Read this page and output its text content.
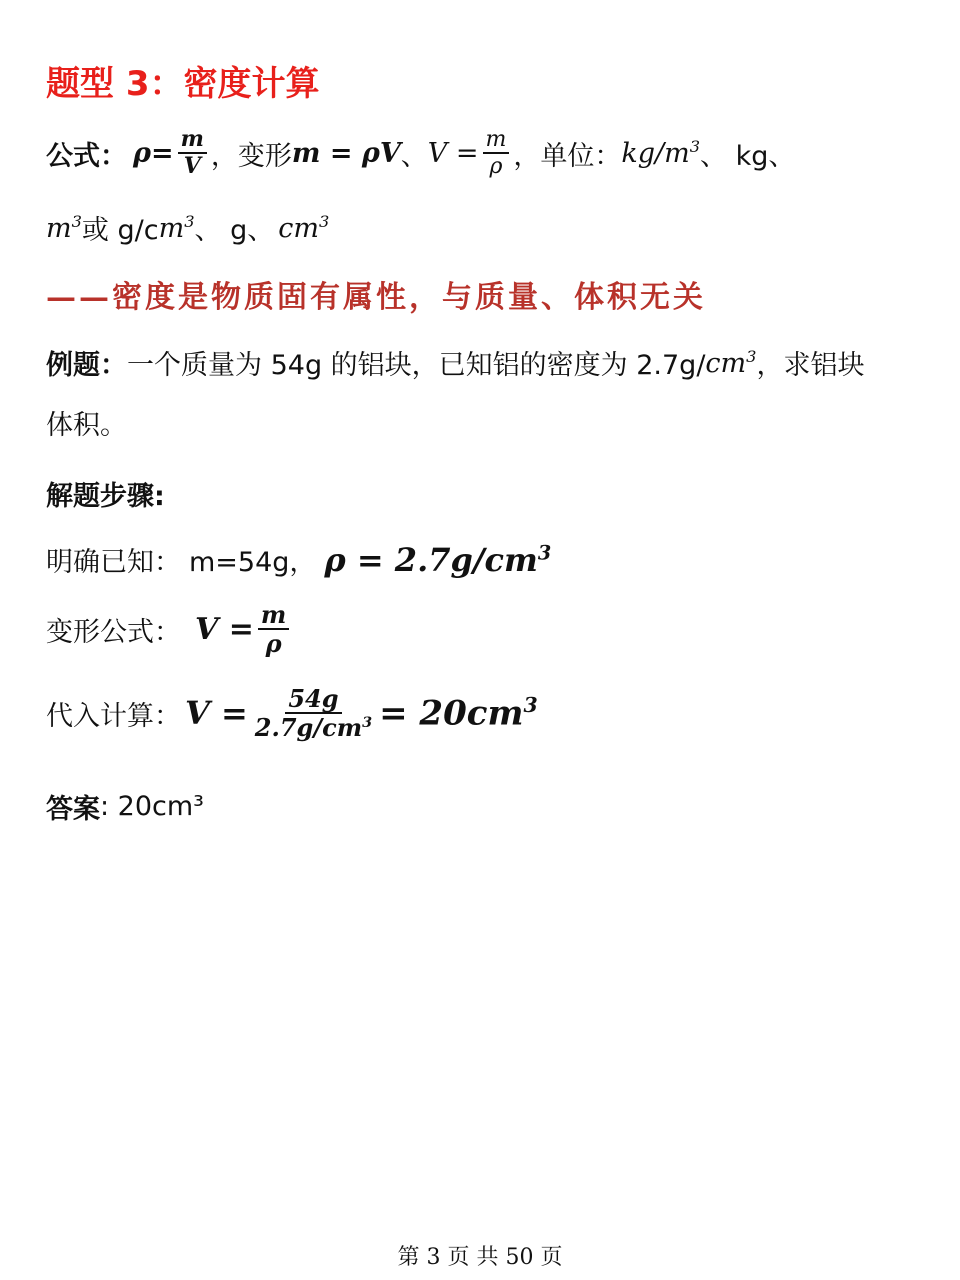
题型 3：密度计算
公式： $\rho = \frac{m}{V}$ ，变形 m = ρV 、 $V = \frac{m}{\rho}$ ，单位： $kg/m^3$ 、 kg、
$m^3$ 或 g/c $m^3$ 、 g、 $cm^3$
——密度是物质固有属性，与质量、体积无关
例题： 一个质量为 54g 的铝块，已知铝的密度为 2.7g/ $cm^3$ ，求铝块
体积。
解题步骤:
明确已知： m=54g， $\rho = 2.7g/cm^3$
变形公式： $V = \frac{m}{\rho}$
代入计算： $V = \frac{54g}{2.7g/cm^3} = 20cm^3$
答案 : 20cm³
第 3 页 共 50 页
